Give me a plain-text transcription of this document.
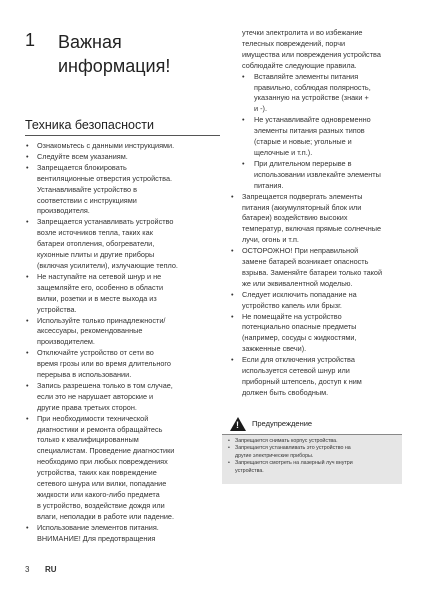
1 Важная
информация!
Техника безопасности
• Ознакомьтесь с данными инструкциями.
• Следуйте всем указаниям.
• Запрещается блокировать
вентиляционные отверстия устройства.
Устанавливайте устройство в
соответствии с инструкциями
производителя.
• Запрещается устанавливать устройство
возле источников тепла, таких как
батареи отопления, обогреватели,
кухонные плиты и другие приборы
(включая усилители), излучающие тепло.
• Не наступайте на сетевой шнур и не
защемляйте его, особенно в области
вилки, розетки и в месте выхода из
устройства.
• Используйте только принадлежности/
аксессуары, рекомендованные
производителем.
• Отключайте устройство от сети во
время грозы или во время длительного
перерыва в использовании.
• Запись разрешена только в том случае,
если это не нарушает авторские и
другие права третьих сторон.
• При необходимости технической
диагностики и ремонта обращайтесь
только к квалифицированным
специалистам. Проведение диагностики
необходимо при любых повреждениях
устройства, таких как повреждение
сетевого шнура или вилки, попадание
жидкости или какого-либо предмета
в устройство, воздействие дождя или
влаги, неполадки в работе или падение.
• Использование элементов питания.
ВНИМАНИЕ! Для предотвращения
утечки электролита и во избежание
телесных повреждений, порчи
имущества или повреждения устройства
соблюдайте следующие правила.
• Вставляйте элементы питания
правильно, соблюдая полярность,
указанную на устройстве (знаки +
и -).
• Не устанавливайте одновременно
элементы питания разных типов
(старые и новые; угольные и
щелочные и т.п.).
• При длительном перерыве в
использовании извлекайте элементы
питания.
• Запрещается подвергать элементы
питания (аккумуляторный блок или
батареи) воздействию высоких
температур, включая прямые солнечные
лучи, огонь и т.п.
• ОСТОРОЖНО! При неправильной
замене батарей возникает опасность
взрыва. Заменяйте батареи только такой
же или эквивалентной моделью.
• Следует исключить попадание на
устройство капель или брызг.
• Не помещайте на устройство
потенциально опасные предметы
(например, сосуды с жидкостями,
зажженные свечи).
• Если для отключения устройства
используется сетевой шнур или
приборный штепсель, доступ к ним
должен быть свободным.
! Предупреждение
• Запрещается снимать корпус устройства.
• Запрещается устанавливать это устройство на
другие электрические приборы.
• Запрещается смотреть на лазерный луч внутри
устройства.
3 RU
